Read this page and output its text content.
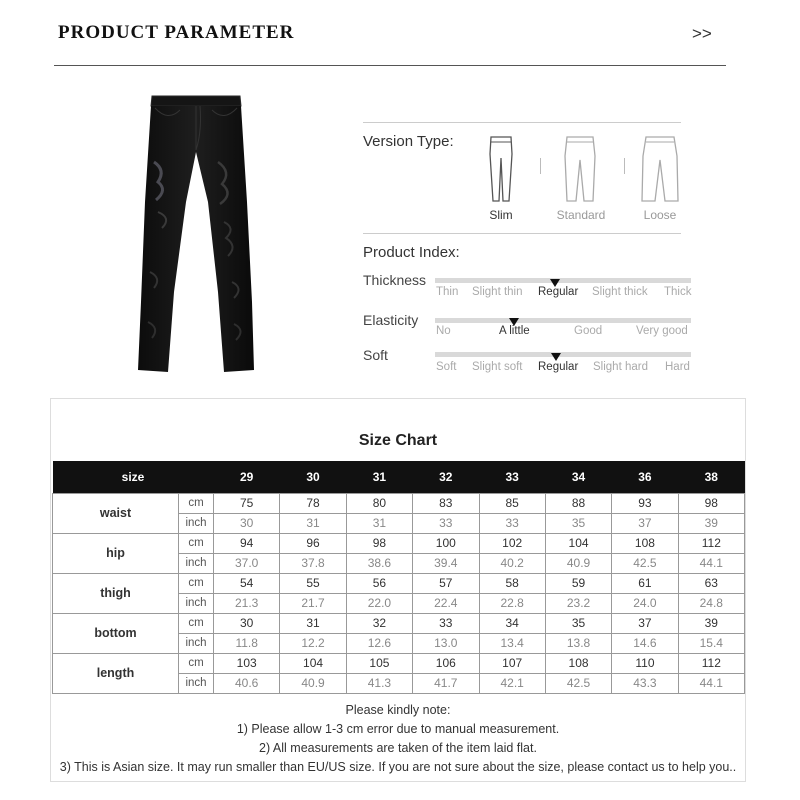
PRODUCT PARAMETER	>>
Version Type:
Slim	Standard	Loose
Product Index:
Thickness
Thin Slight thin Regular Slight thick Thick
Elasticity
No	A little	Good	Very good
Soft
Soft Slight soft Regular Slight hard Hard
Size Chart
size		29	30	31	32	33	34	36	38
waist	cm	75	78	80	83	85	88	93	98
	inch	30	31	31	33	33	35	37	39
hip	cm	94	96	98	100	102	104	108	112
	inch	37.0	37.8	38.6	39.4	40.2	40.9	42.5	44.1
thigh	cm	54	55	56	57	58	59	61	63
	inch	21.3	21.7	22.0	22.4	22.8	23.2	24.0	24.8
bottom	cm	30	31	32	33	34	35	37	39
	inch	11.8	12.2	12.6	13.0	13.4	13.8	14.6	15.4
length	cm	103	104	105	106	107	108	110	112
	inch	40.6	40.9	41.3	41.7	42.1	42.5	43.3	44.1
Please kindly note:
1) Please allow 1-3 cm error due to manual measurement.
2) All measurements are taken of the item laid flat.
3) This is Asian size. It may run smaller than EU/US size. If you are not sure about the size, please contact us to help you..
